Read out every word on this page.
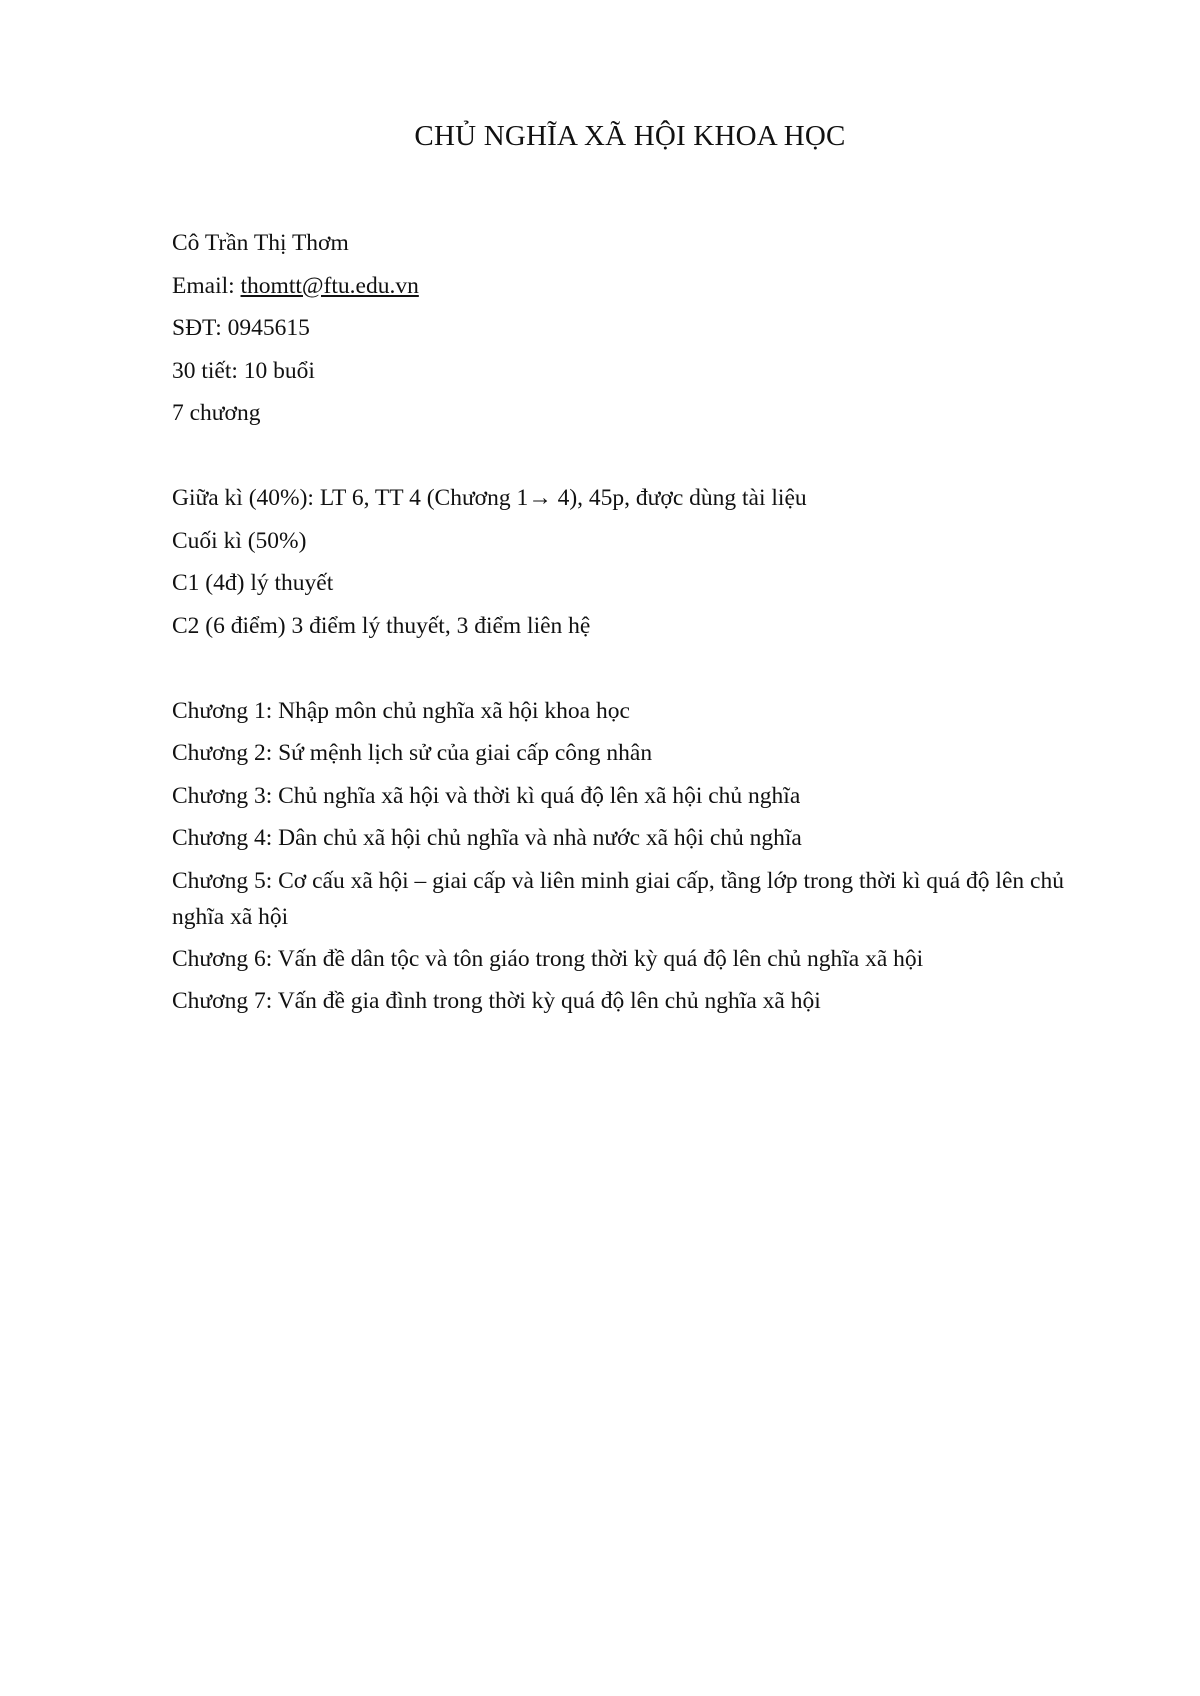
CHỦ NGHĨA XÃ HỘI KHOA HỌC
Cô Trần Thị Thơm
Email: thomtt@ftu.edu.vn
SĐT: 0945615
30 tiết: 10 buổi
7 chương
Giữa kì (40%): LT 6, TT 4 (Chương 1→ 4), 45p, được dùng tài liệu
Cuối kì (50%)
C1 (4đ) lý thuyết
C2 (6 điểm) 3 điểm lý thuyết, 3 điểm liên hệ
Chương 1: Nhập môn chủ nghĩa xã hội khoa học
Chương 2: Sứ mệnh lịch sử của giai cấp công nhân
Chương 3: Chủ nghĩa xã hội và thời kì quá độ lên xã hội chủ nghĩa
Chương 4: Dân chủ xã hội chủ nghĩa và nhà nước xã hội chủ nghĩa
Chương 5: Cơ cấu xã hội – giai cấp và liên minh giai cấp, tầng lớp trong thời kì quá độ lên chủ nghĩa xã hội
Chương 6: Vấn đề dân tộc và tôn giáo trong thời kỳ quá độ lên chủ nghĩa xã hội
Chương 7: Vấn đề gia đình trong thời kỳ quá độ lên chủ nghĩa xã hội
